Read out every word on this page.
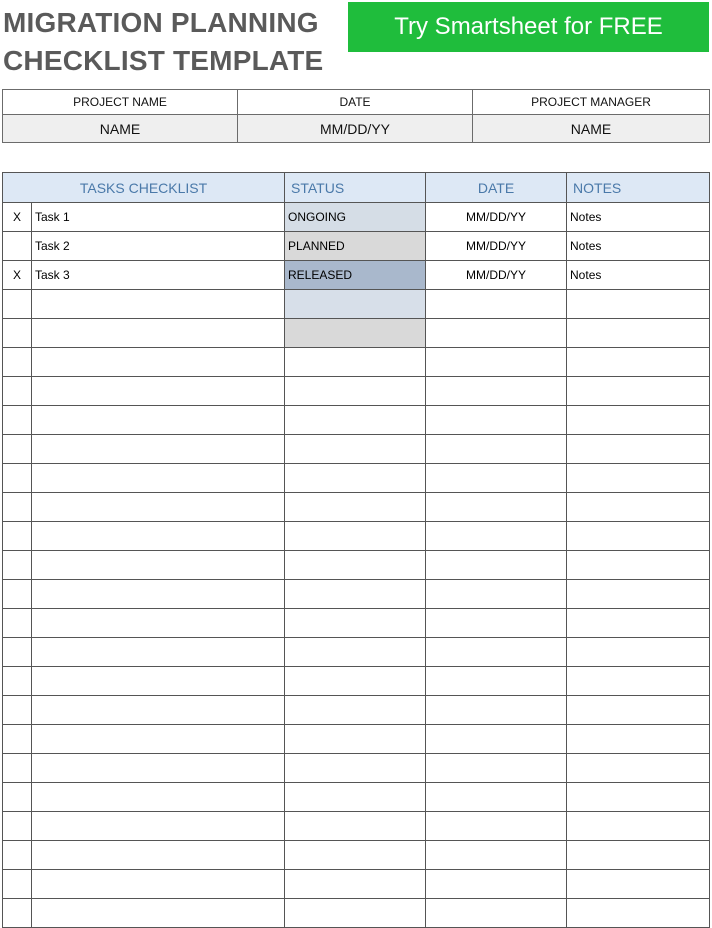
MIGRATION PLANNING
CHECKLIST TEMPLATE
Try Smartsheet for FREE
PROJECT NAME	DATE	PROJECT MANAGER
NAME	MM/DD/YY	NAME
TASKS CHECKLIST		STATUS	DATE	NOTES
X	Task 1	ONGOING	MM/DD/YY	Notes
	Task 2	PLANNED	MM/DD/YY	Notes
X	Task 3	RELEASED	MM/DD/YY	Notes
